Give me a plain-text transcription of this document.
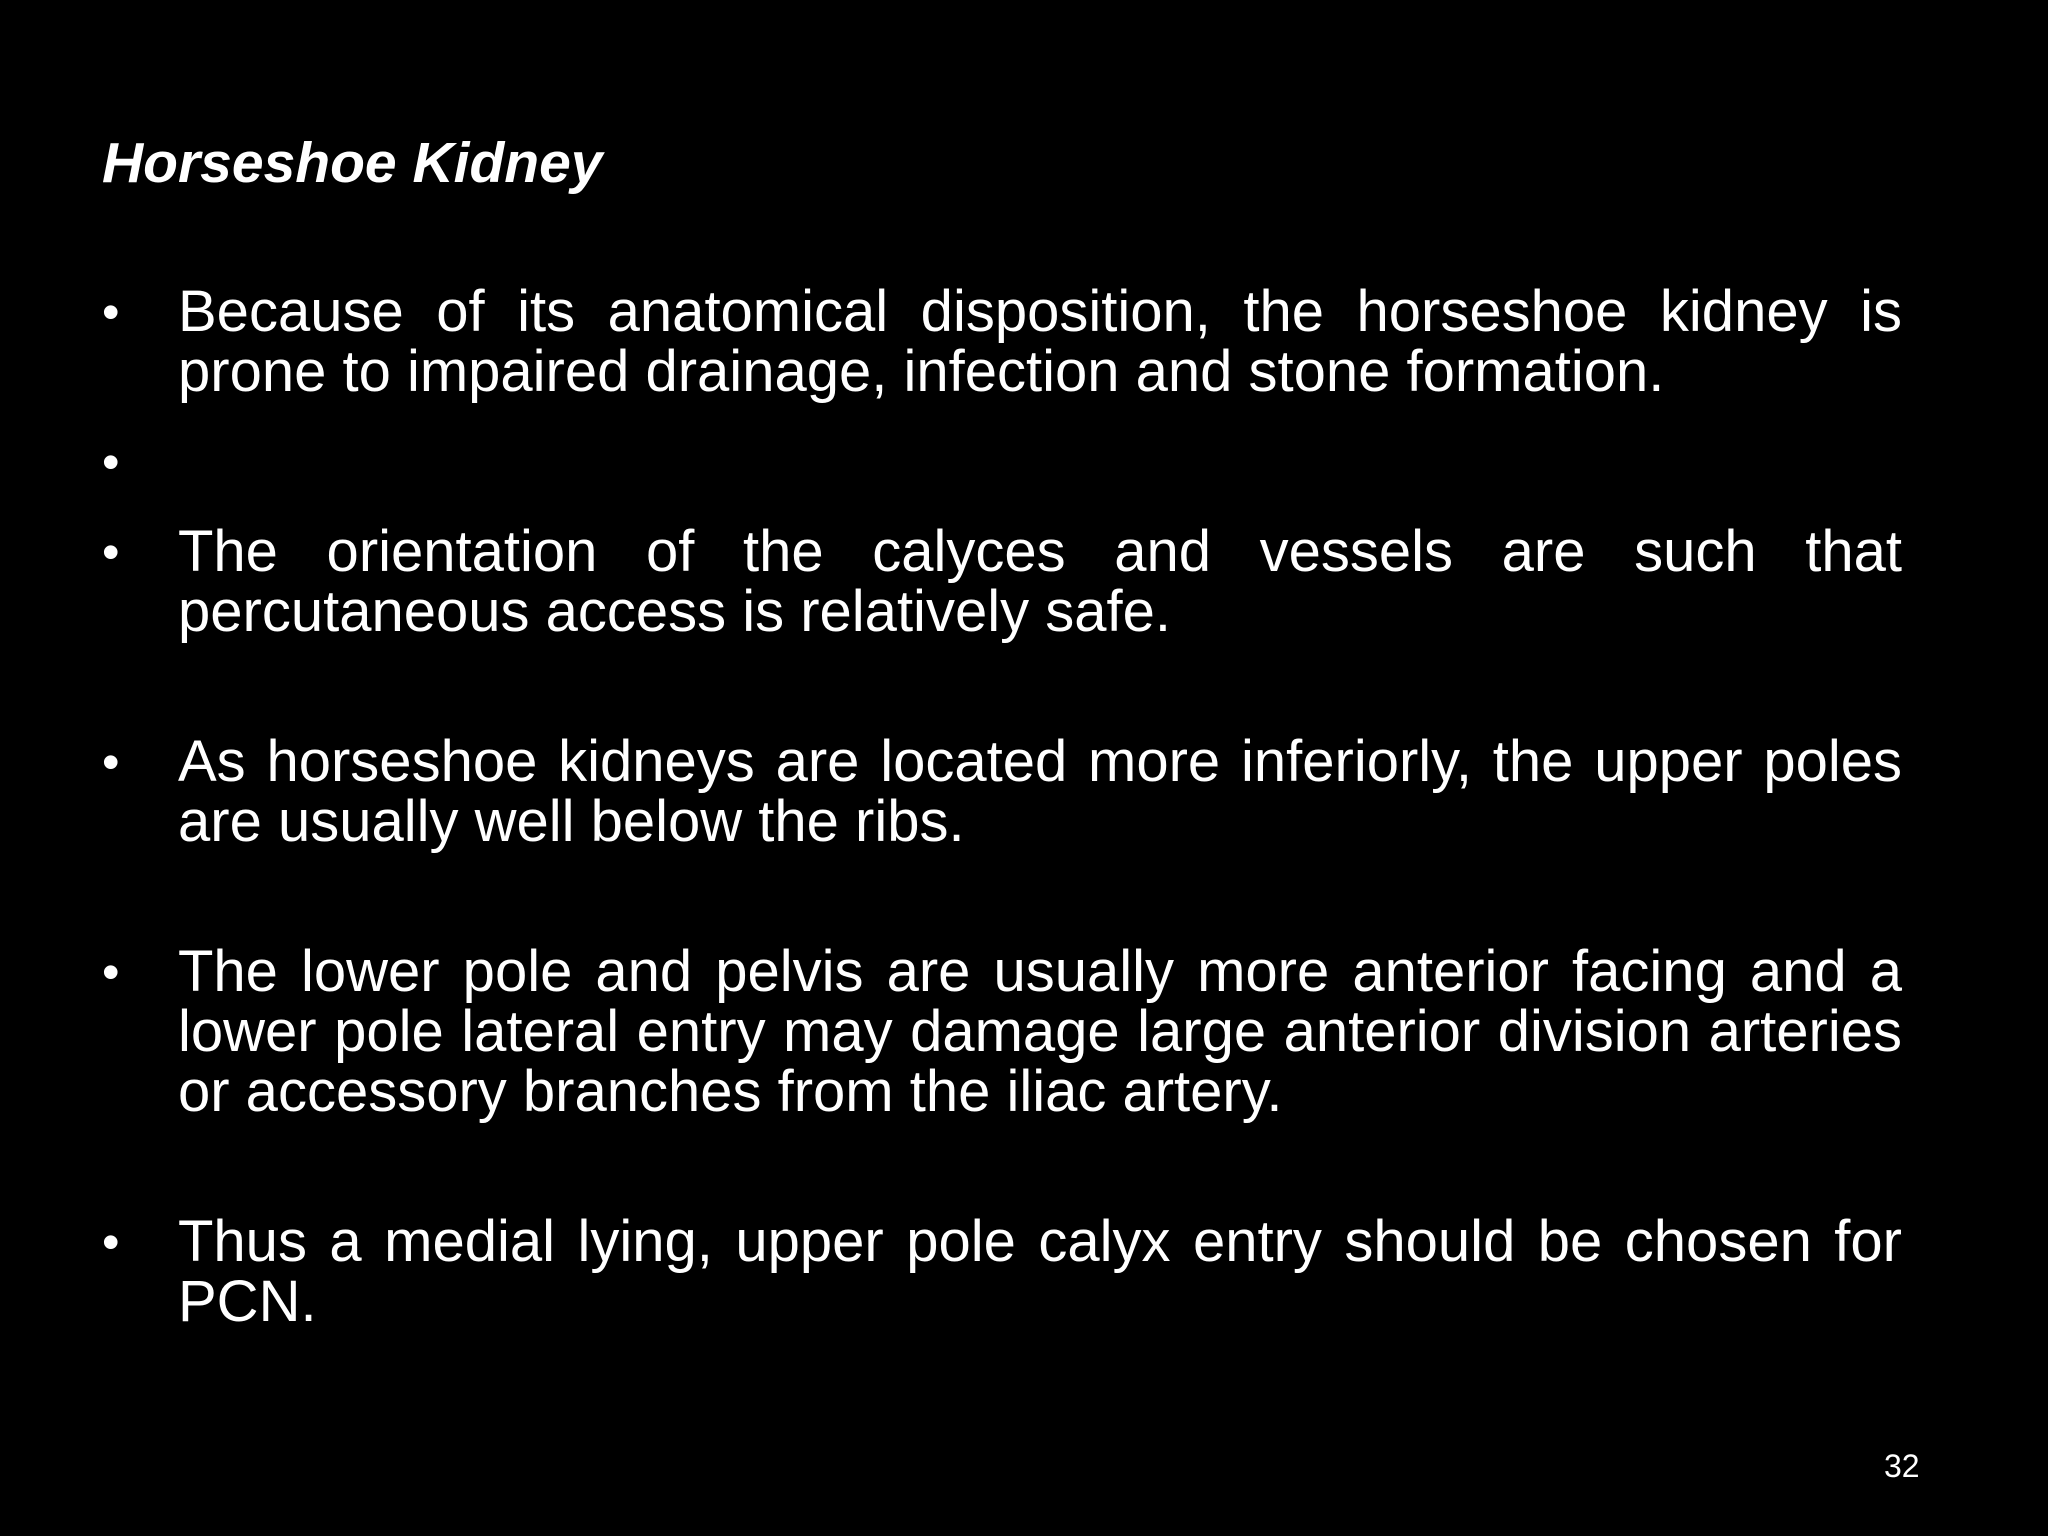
Horseshoe Kidney
• Because of its anatomical disposition, the horseshoe kidney is prone to impaired drainage, infection and stone formation.
•
• The orientation of the calyces and vessels are such that percutaneous access is relatively safe.
• As horseshoe kidneys are located more inferiorly, the upper poles are usually well below the ribs.
• The lower pole and pelvis are usually more anterior facing and a lower pole lateral entry may damage large anterior division arteries or accessory branches from the iliac artery.
• Thus a medial lying, upper pole calyx entry should be chosen for PCN.
32
